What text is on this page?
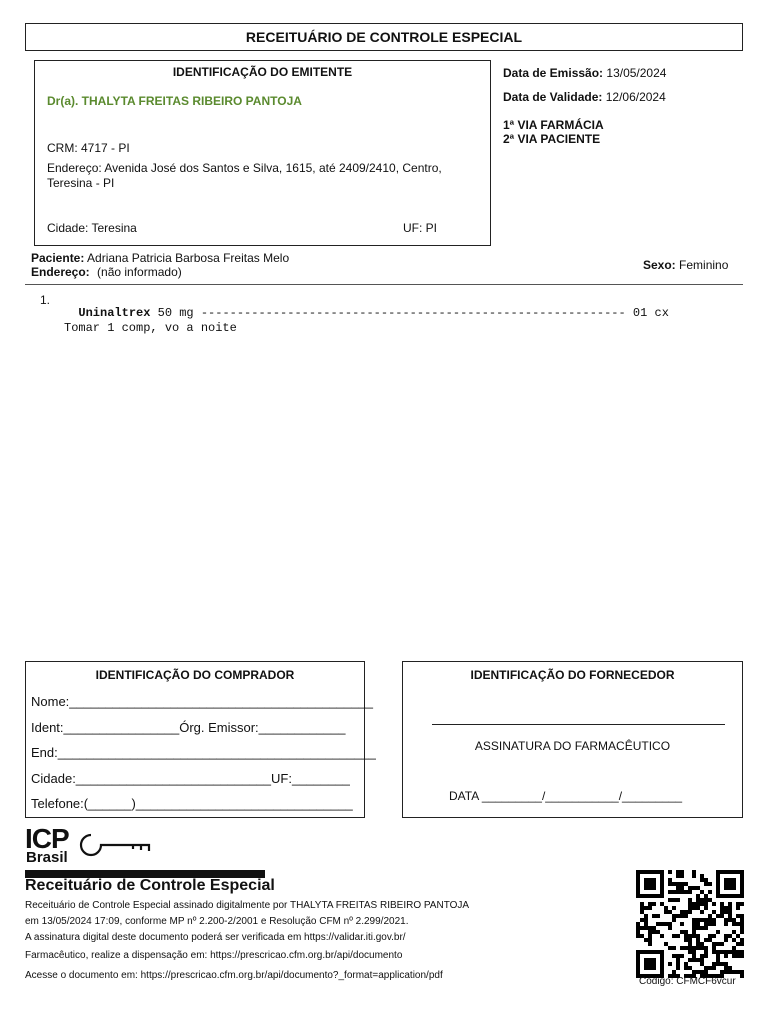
RECEITUÁRIO DE CONTROLE ESPECIAL
IDENTIFICAÇÃO DO EMITENTE
Dr(a). THALYTA FREITAS RIBEIRO PANTOJA
CRM: 4717 - PI
Endereço: Avenida José dos Santos e Silva, 1615, até 2409/2410, Centro,
Teresina - PI
Cidade: Teresina	UF: PI
Data de Emissão: 13/05/2024
Data de Validade: 12/06/2024
1ª VIA FARMÁCIA
2ª VIA PACIENTE
Paciente: Adriana Patricia Barbosa Freitas Melo
Endereço: (não informado)	Sexo: Feminino
1.

Uninaltrex 50 mg ----------------------------------------------------------- 01 cx

Tomar 1 comp, vo a noite
IDENTIFICAÇÃO DO COMPRADOR
Nome:__________________________________________
Ident:________________Órg. Emissor:____________
End:____________________________________________
Cidade:___________________________UF:________
Telefone:(______)______________________________
IDENTIFICAÇÃO DO FORNECEDOR
ASSINATURA DO FARMACÊUTICO
DATA _________/___________/_________
ICP
Brasil
Receituário de Controle Especial
Receituário de Controle Especial assinado digitalmente por THALYTA FREITAS RIBEIRO PANTOJA
em 13/05/2024 17:09, conforme MP nº 2.200-2/2001 e Resolução CFM nº 2.299/2021.
A assinatura digital deste documento poderá ser verificada em https://validar.iti.gov.br/
Farmacêutico, realize a dispensação em: https://prescricao.cfm.org.br/api/documento
Acesse o documento em: https://prescricao.cfm.org.br/api/documento?_format=application/pdf
Código: CFMCF6vcur
